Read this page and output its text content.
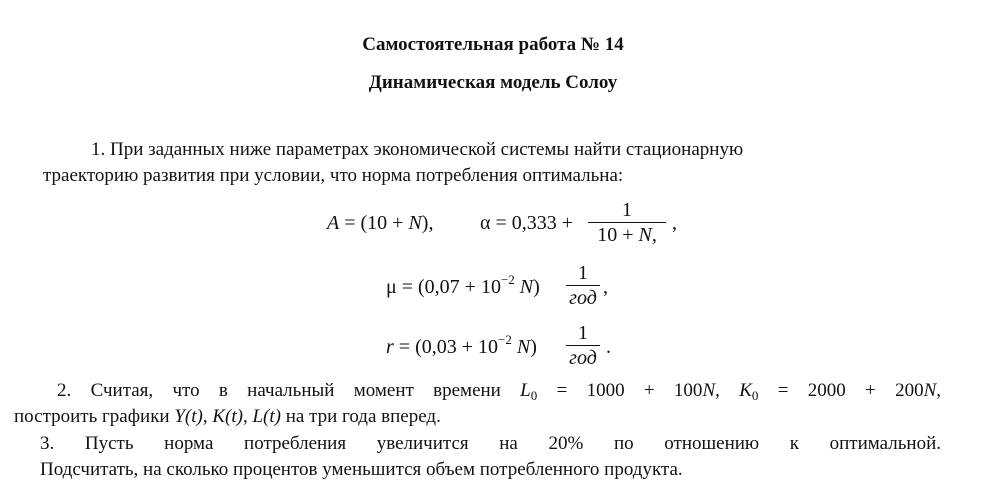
Самостоятельная работа № 14
Динамическая модель Солоу
1. При заданных ниже параметрах экономической системы найти стационарную
траекторию развития при условии, что норма потребления оптимальна:
A = (10 + N), α = 0,333 +
1
10 + N,
,
$\mu = (0,07 + 10^{-2}$ N)
1
год ,
$r = (0,03 + 10^{-2}$ N)
1
год .
2. Считая, что в начальный момент времени $L_0 = 1000 + 100N$, $K_0 = 2000 + 200N$,
построить графики Y(t), K(t), L(t) на три года вперед.
3. Пусть норма потребления увеличится на 20% по отношению к оптимальной.
Подсчитать, на сколько процентов уменьшится объем потребленного продукта.
